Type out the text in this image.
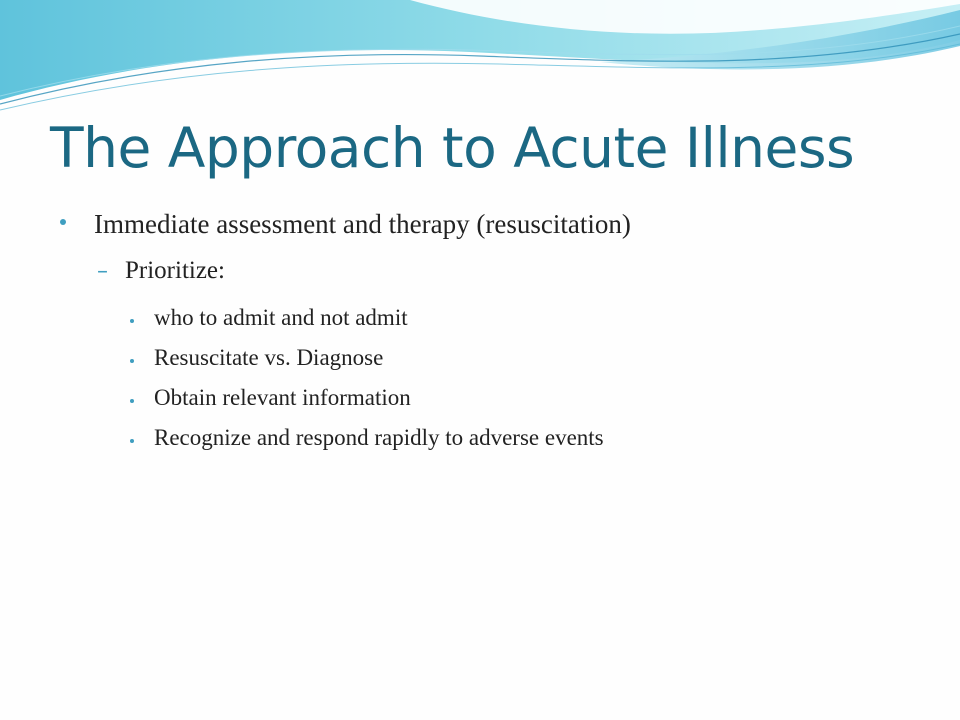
The Approach to Acute Illness
Immediate assessment and therapy (resuscitation)
– Prioritize:
who to admit and not admit
Resuscitate vs. Diagnose
Obtain relevant information
Recognize and respond rapidly to adverse events
